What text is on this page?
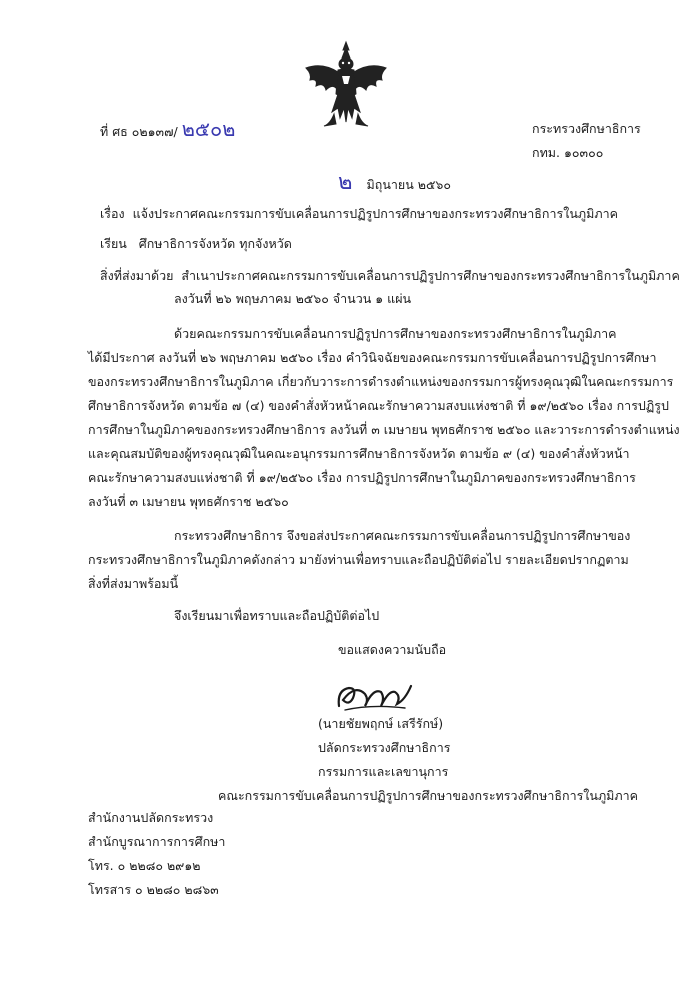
ที่ ศธ ๐๒๑๓๗/ ๒๕๐๒	กระทรวงศึกษาธิการ
กทม. ๑๐๓๐๐
๒ มิถุนายน ๒๕๖๐
เรื่อง แจ้งประกาศคณะกรรมการขับเคลื่อนการปฏิรูปการศึกษาของกระทรวงศึกษาธิการในภูมิภาค
เรียน ศึกษาธิการจังหวัด ทุกจังหวัด
สิ่งที่ส่งมาด้วย สำเนาประกาศคณะกรรมการขับเคลื่อนการปฏิรูปการศึกษาของกระทรวงศึกษาธิการในภูมิภาค
ลงวันที่ ๒๖ พฤษภาคม ๒๕๖๐ จำนวน ๑ แผ่น
ด้วยคณะกรรมการขับเคลื่อนการปฏิรูปการศึกษาของกระทรวงศึกษาธิการในภูมิภาค
ได้มีประกาศ ลงวันที่ ๒๖ พฤษภาคม ๒๕๖๐ เรื่อง คำวินิจฉัยของคณะกรรมการขับเคลื่อนการปฏิรูปการศึกษา
ของกระทรวงศึกษาธิการในภูมิภาค เกี่ยวกับวาระการดำรงตำแหน่งของกรรมการผู้ทรงคุณวุฒิในคณะกรรมการ
ศึกษาธิการจังหวัด ตามข้อ ๗ (๔) ของคำสั่งหัวหน้าคณะรักษาความสงบแห่งชาติ ที่ ๑๙/๒๕๖๐ เรื่อง การปฏิรูป
การศึกษาในภูมิภาคของกระทรวงศึกษาธิการ ลงวันที่ ๓ เมษายน พุทธศักราช ๒๕๖๐ และวาระการดำรงตำแหน่ง
และคุณสมบัติของผู้ทรงคุณวุฒิในคณะอนุกรรมการศึกษาธิการจังหวัด ตามข้อ ๙ (๔) ของคำสั่งหัวหน้า
คณะรักษาความสงบแห่งชาติ ที่ ๑๙/๒๕๖๐ เรื่อง การปฏิรูปการศึกษาในภูมิภาคของกระทรวงศึกษาธิการ
ลงวันที่ ๓ เมษายน พุทธศักราช ๒๕๖๐
กระทรวงศึกษาธิการ จึงขอส่งประกาศคณะกรรมการขับเคลื่อนการปฏิรูปการศึกษาของ
กระทรวงศึกษาธิการในภูมิภาคดังกล่าว มายังท่านเพื่อทราบและถือปฏิบัติต่อไป รายละเอียดปรากฏตาม
สิ่งที่ส่งมาพร้อมนี้
จึงเรียนมาเพื่อทราบและถือปฏิบัติต่อไป
ขอแสดงความนับถือ
(นายชัยพฤกษ์ เสรีรักษ์)
ปลัดกระทรวงศึกษาธิการ
กรรมการและเลขานุการ
คณะกรรมการขับเคลื่อนการปฏิรูปการศึกษาของกระทรวงศึกษาธิการในภูมิภาค
สำนักงานปลัดกระทรวง
สำนักบูรณาการการศึกษา
โทร. ๐ ๒๒๘๐ ๒๙๑๒
โทรสาร ๐ ๒๒๘๐ ๒๘๖๓
